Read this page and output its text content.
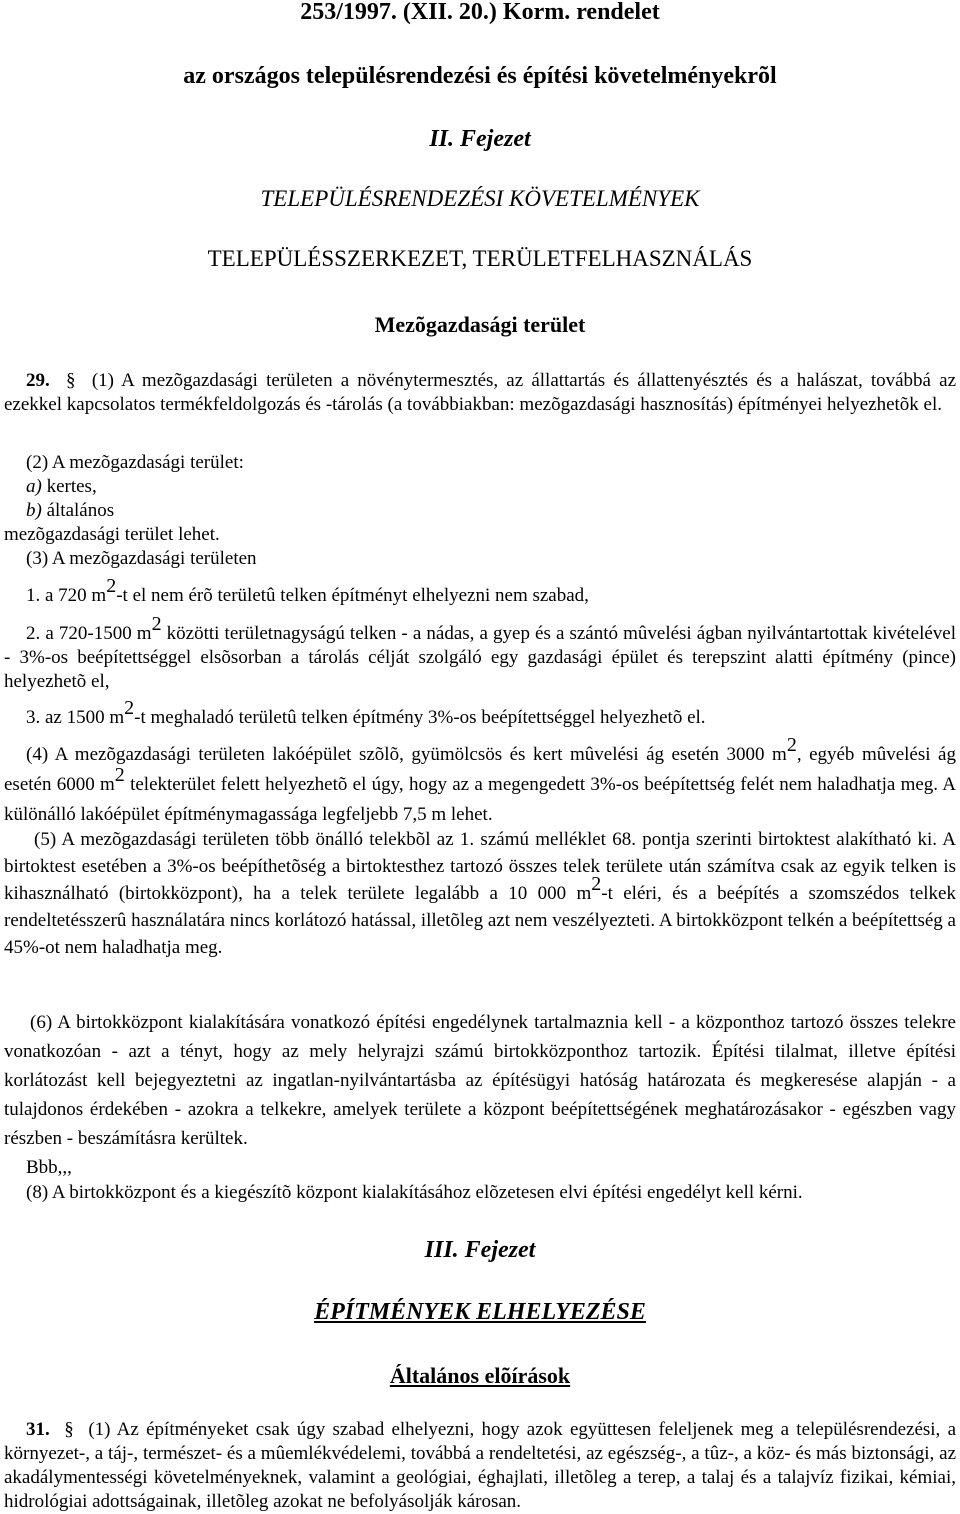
253/1997. (XII. 20.) Korm. rendelet
az országos településrendezési és építési követelményekrõl
II. Fejezet
TELEPÜLÉSRENDEZÉSI KÖVETELMÉNYEK
TELEPÜLÉSSZERKEZET, TERÜLETFELHASZNÁLÁS
Mezõgazdasági terület
29. § (1) A mezõgazdasági területen a növénytermesztés, az állattartás és állattenyésztés és a halászat, továbbá az ezekkel kapcsolatos termékfeldolgozás és -tárolás (a továbbiakban: mezõgazdasági hasznosítás) építményei helyezhetõk el.
(2) A mezõgazdasági terület:
a) kertes,
b) általános
mezõgazdasági terület lehet.
(3) A mezõgazdasági területen
1. a 720 $m^2-t$ el nem érõ területû telken építményt elhelyezni nem szabad,
2. a 720-1500 $m^2$ közötti területnagyságú telken - a nádas, a gyep és a szántó mûvelési ágban nyilvántartottak kivételével - 3%-os beépítettséggel elsõsorban a tárolás célját szolgáló egy gazdasági épület és terepszint alatti építmény (pince) helyezhetõ el,
3. az 1500 $m^2-t$ meghaladó területû telken építmény 3%-os beépítettséggel helyezhetõ el.
(4) A mezõgazdasági területen lakóépület szõlõ, gyümölcsös és kert mûvelési ág esetén 3000 $m^2$, egyéb mûvelési ág esetén 6000 $m^2$ telekterület felett helyezhetõ el úgy, hogy az a megengedett 3%-os beépítettség felét nem haladhatja meg. A különálló lakóépület építménymagassága legfeljebb 7,5 m lehet.
(5) A mezõgazdasági területen több önálló telekbõl az 1. számú melléklet 68. pontja szerinti birtoktest alakítható ki. A birtoktest esetében a 3%-os beépíthetõség a birtoktesthez tartozó összes telek területe után számítva csak az egyik telken is kihasználható (birtokközpont), ha a telek területe legalább a 10 000 $m^2-t$ eléri, és a beépítés a szomszédos telkek rendeltetésszerû használatára nincs korlátozó hatással, illetõleg azt nem veszélyezteti. A birtokközpont telkén a beépítettség a 45%-ot nem haladhatja meg.
(6) A birtokközpont kialakítására vonatkozó építési engedélynek tartalmaznia kell - a központhoz tartozó összes telekre vonatkozóan - azt a tényt, hogy az mely helyrajzi számú birtokközponthoz tartozik. Építési tilalmat, illetve építési korlátozást kell bejegyeztetni az ingatlan-nyilvántartásba az építésügyi hatóság határozata és megkeresése alapján - a tulajdonos érdekében - azokra a telkekre, amelyek területe a központ beépítettségének meghatározásakor - egészben vagy részben - beszámításra kerültek.
Bbb,,,
(8) A birtokközpont és a kiegészítõ központ kialakításához elõzetesen elvi építési engedélyt kell kérni.
III. Fejezet
ÉPÍTMÉNYEK ELHELYEZÉSE
Általános elõírások
31. § (1) Az építményeket csak úgy szabad elhelyezni, hogy azok együttesen feleljenek meg a településrendezési, a környezet-, a táj-, természet- és a mûemlékvédelemi, továbbá a rendeltetési, az egészség-, a tûz-, a köz- és más biztonsági, az akadálymentességi követelményeknek, valamint a geológiai, éghajlati, illetõleg a terep, a talaj és a talajvíz fizikai, kémiai, hidrológiai adottságainak, illetõleg azokat ne befolyásolják károsan.
